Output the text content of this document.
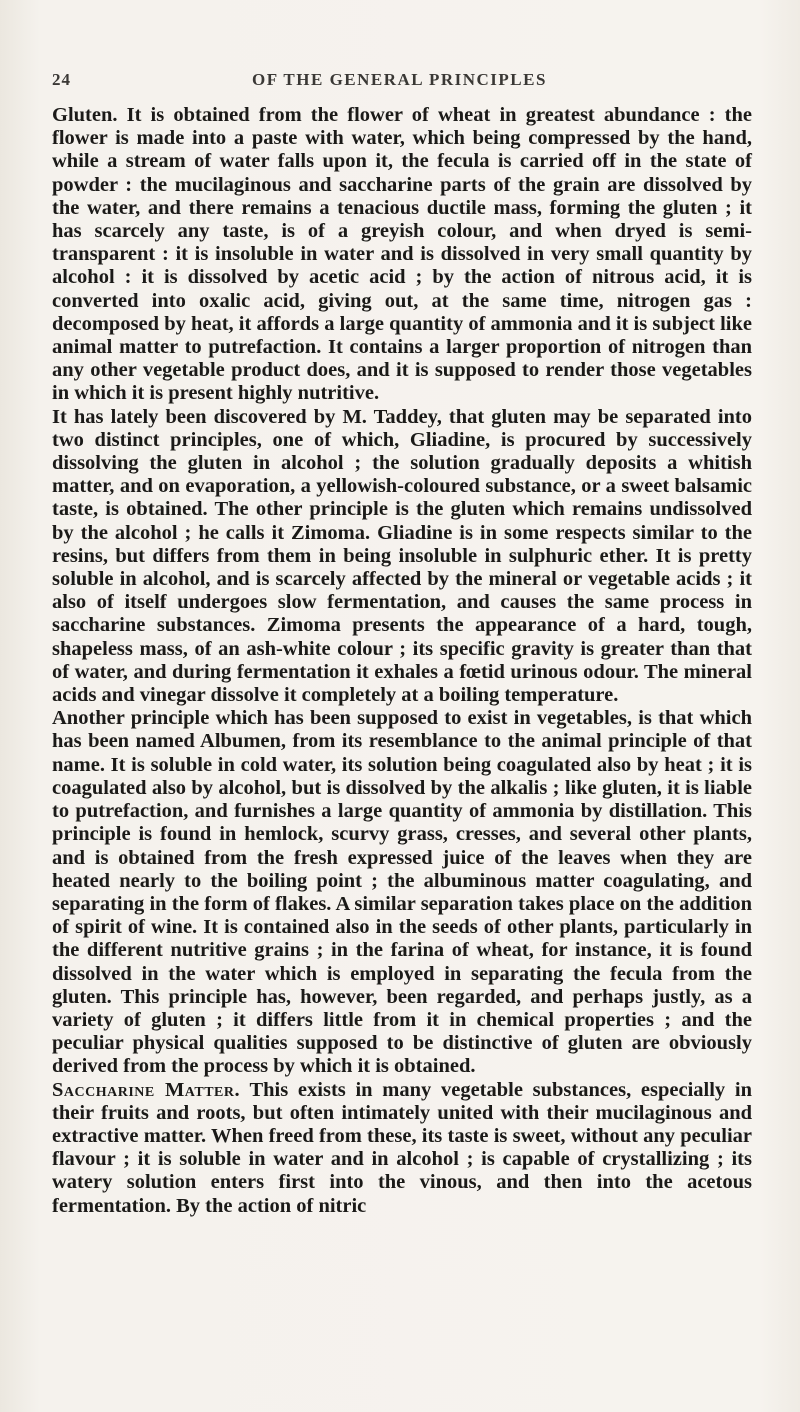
24	OF THE GENERAL PRINCIPLES

Gluten. It is obtained from the flower of wheat in greatest abundance : the flower is made into a paste with water, which being compressed by the hand, while a stream of water falls upon it, the fecula is carried off in the state of powder : the mucilaginous and saccharine parts of the grain are dissolved by the water, and there remains a tenacious ductile mass, forming the gluten ; it has scarcely any taste, is of a greyish colour, and when dryed is semi-transparent : it is insoluble in water and is dissolved in very small quantity by alcohol : it is dissolved by acetic acid ; by the action of nitrous acid, it is converted into oxalic acid, giving out, at the same time, nitrogen gas : decomposed by heat, it affords a large quantity of ammonia and it is subject like animal matter to putrefaction. It contains a larger proportion of nitrogen than any other vegetable product does, and it is supposed to render those vegetables in which it is present highly nutritive.

It has lately been discovered by M. Taddey, that gluten may be separated into two distinct principles, one of which, Gliadine, is procured by successively dissolving the gluten in alcohol ; the solution gradually deposits a whitish matter, and on evaporation, a yellowish-coloured substance, or a sweet balsamic taste, is obtained. The other principle is the gluten which remains undissolved by the alcohol ; he calls it Zimoma. Gliadine is in some respects similar to the resins, but differs from them in being insoluble in sulphuric ether. It is pretty soluble in alcohol, and is scarcely affected by the mineral or vegetable acids ; it also of itself undergoes slow fermentation, and causes the same process in saccharine substances. Zimoma presents the appearance of a hard, tough, shapeless mass, of an ash-white colour ; its specific gravity is greater than that of water, and during fermentation it exhales a fœtid urinous odour. The mineral acids and vinegar dissolve it completely at a boiling temperature.

Another principle which has been supposed to exist in vegetables, is that which has been named Albumen, from its resemblance to the animal principle of that name. It is soluble in cold water, its solution being coagulated also by heat ; it is coagulated also by alcohol, but is dissolved by the alkalis ; like gluten, it is liable to putrefaction, and furnishes a large quantity of ammonia by distillation. This principle is found in hemlock, scurvy grass, cresses, and several other plants, and is obtained from the fresh expressed juice of the leaves when they are heated nearly to the boiling point ; the albuminous matter coagulating, and separating in the form of flakes. A similar separation takes place on the addition of spirit of wine. It is contained also in the seeds of other plants, particularly in the different nutritive grains ; in the farina of wheat, for instance, it is found dissolved in the water which is employed in separating the fecula from the gluten. This principle has, however, been regarded, and perhaps justly, as a variety of gluten ; it differs little from it in chemical properties ; and the peculiar physical qualities supposed to be distinctive of gluten are obviously derived from the process by which it is obtained.

Saccharine Matter. This exists in many vegetable substances, especially in their fruits and roots, but often intimately united with their mucilaginous and extractive matter. When freed from these, its taste is sweet, without any peculiar flavour ; it is soluble in water and in alcohol ; is capable of crystallizing ; its watery solution enters first into the vinous, and then into the acetous fermentation. By the action of nitric
